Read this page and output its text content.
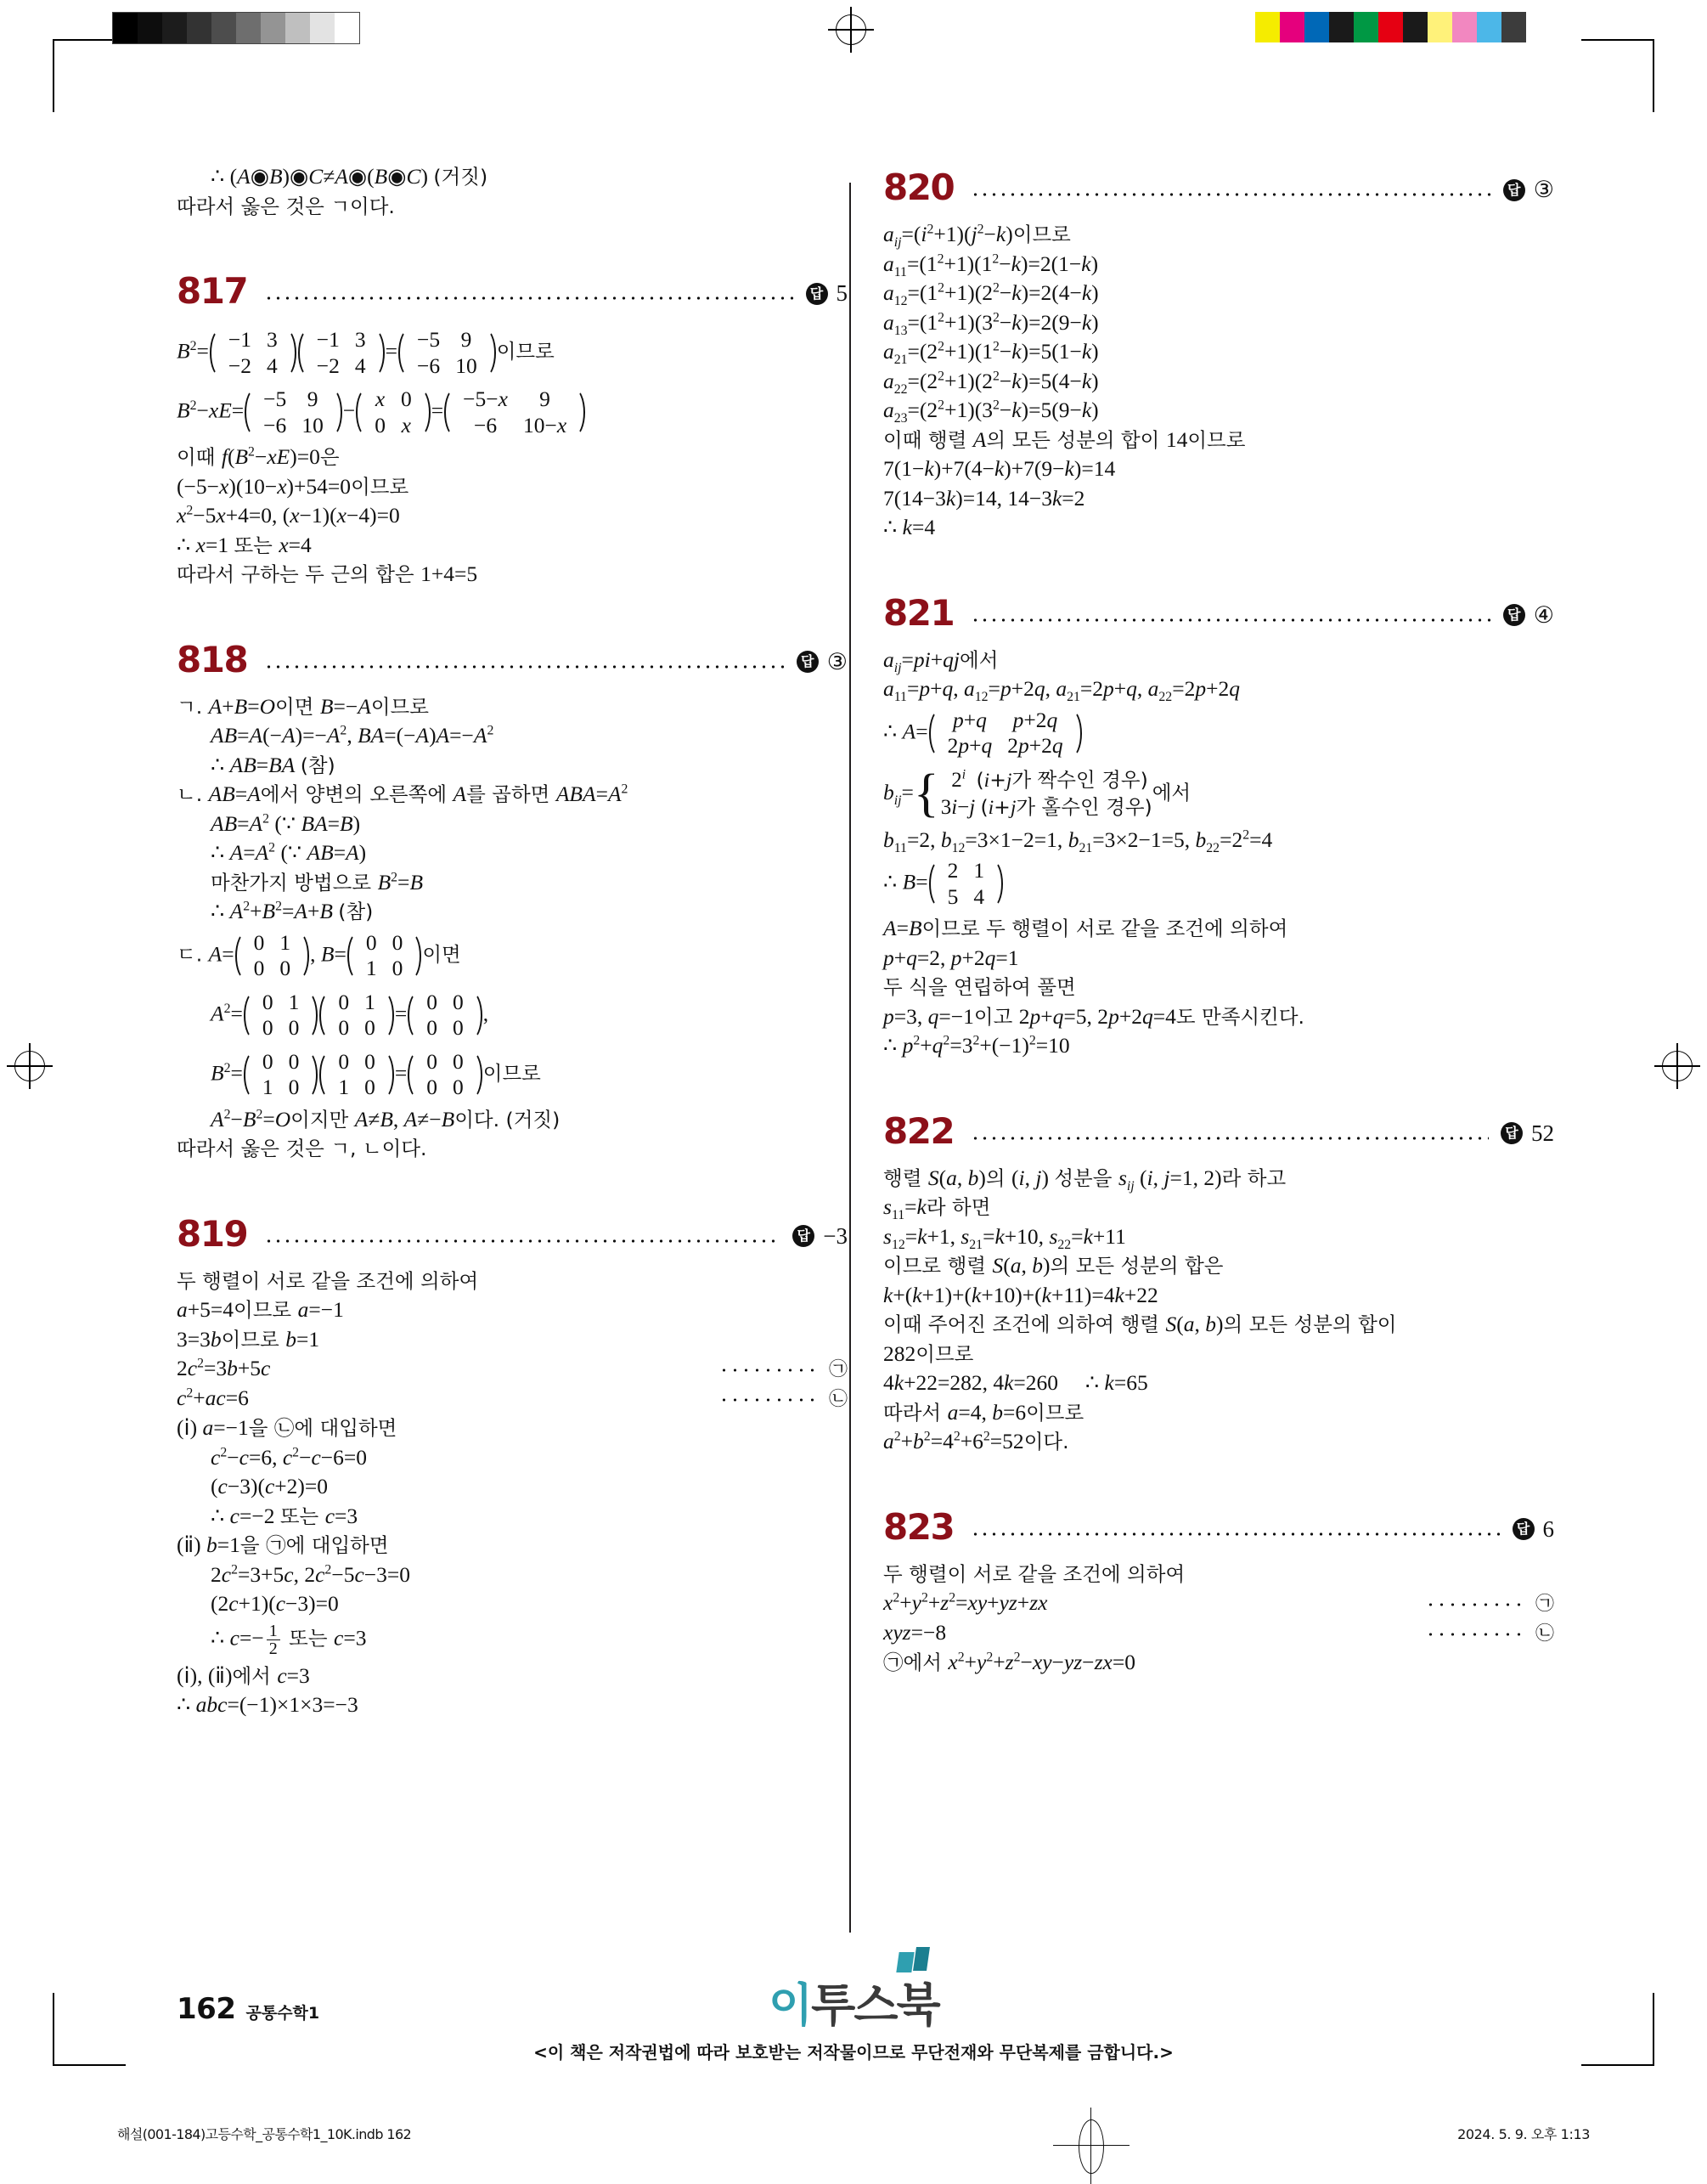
∴ (A◉B)◉C≠A◉(B◉C) (거짓)
따라서 옳은 것은 ㄱ이다.
817	답 5
$B^2= -1$	3
−2	4
−1	3
−2	4
= −5	9
−6	10
이므로
$B^2-xE= -5$	9
−6	10
− x	0
0	x
= −5−x	9
−6	10−x
이때 $f(B^2-xE)=0$은
(−5−x)(10−x)+54=0이므로
$x^2-5x+4=0$, (x−1)(x−4)=0
∴ x=1 또는 x=4
따라서 구하는 두 근의 합은 1+4=5
818	답 ③
ㄱ. A+B=O이면 B=−A이므로
$AB=A(-A)=-A^2$, $BA=(-A)A=-A^2$
∴ AB=BA (참)
ㄴ. AB=A에서 양변의 오른쪽에 A를 곱하면 $ABA=A^2$
$AB=A^2$ (∵ BA=B)
∴ $A=A^2$ (∵ AB=A)
마찬가지 방법으로 $B^2=B$
∴ $A^2+B^2=A+B$ (참)
ㄷ. A= 0	1
0	0
, B= 0	0
1	0
이면
$A^2= 0$	1
0	0
0	1
0	0
= 0	0
0	0
,
$B^2= 0$	0
1	0
0	0
1	0
= 0	0
0	0
이므로
$A^2-B^2=O$이지만 A≠B, A≠−B이다. (거짓)
따라서 옳은 것은 ㄱ, ㄴ이다.
819	답 −3
두 행렬이 서로 같을 조건에 의하여
a+5=4이므로 a=−1
3=3b이므로 b=1
$2c^2=3b+5c$	㉠
$c^2+ac=6$	㉡
(ⅰ) a=−1을 ㉡에 대입하면
$c^2-c=6$, $c^2-c-6=0$
(c−3)(c+2)=0
∴ c=−2 또는 c=3
(ⅱ) b=1을 ㉠에 대입하면
$2c^2=3+5c$, $2c^2-5c-3=0$
(2c+1)(c−3)=0
∴ $c=- \frac{1}{2}$ 또는 c=3
(ⅰ), (ⅱ)에서 c=3
∴ abc=(−1)×1×3=−3
820	답 ③
$a_{ij}=(i^2+1)(j^2-k)$이므로
$a_{11}=(1^2+1)(1^2-k)=2(1-k)$
$a_{12}=(1^2+1)(2^2-k)=2(4-k)$
$a_{13}=(1^2+1)(3^2-k)=2(9-k)$
$a_{21}=(2^2+1)(1^2-k)=5(1-k)$
$a_{22}=(2^2+1)(2^2-k)=5(4-k)$
$a_{23}=(2^2+1)(3^2-k)=5(9-k)$
이때 행렬 A의 모든 성분의 합이 14이므로
7(1−k)+7(4−k)+7(9−k)=14
7(14−3k)=14, 14−3k=2
∴ k=4
821	답 ④
$a_{ij}=pi+qj$에서
$a_{11}=p+q$, $a_{12}=p+2q$, $a_{21}=2p+q$, $a_{22}=2p+2q$
∴ A= p+q	p+2q
2p+q	2p+2q
$b_{ij}=$ { 2$^i$ (i+j가 짝수인 경우)
3i−j (i+j가 홀수인 경우)
에서
$b_{11}=2$, $b_{12}=3\times 1-2=1$, $b_{21}=3\times 2-1=5$, $b_{22}=2^2=4$
∴ B= 2	1
5	4
A=B이므로 두 행렬이 서로 같을 조건에 의하여
p+q=2, p+2q=1
두 식을 연립하여 풀면
p=3, q=−1이고 2p+q=5, 2p+2q=4도 만족시킨다.
∴ $p^2+q^2=3^2+(-1)^2=10$
822	답 52
행렬 S(a, b)의 (i, j) 성분을 $s_{ij}$ (i, j=1, 2)라 하고
$s_{11}=k$라 하면
$s_{12}=k+1$, $s_{21}=k+10$, $s_{22}=k+11$
이므로 행렬 S(a, b)의 모든 성분의 합은
k+(k+1)+(k+10)+(k+11)=4k+22
이때 주어진 조건에 의하여 행렬 S(a, b)의 모든 성분의 합이
282이므로
4k+22=282, 4k=260     ∴ k=65
따라서 a=4, b=6이므로
$a^2+b^2=4^2+6^2=52$이다.
823	답 6
두 행렬이 서로 같을 조건에 의하여
$x^2+y^2+z^2=xy+yz+zx$	㉠
xyz=−8	㉡
㉠에서 $x^2+y^2+z^2-xy-yz-zx=0$
162 공통수학1	이투스북
<이 책은 저작권법에 따라 보호받는 저작물이므로 무단전재와 무단복제를 금합니다.>
해설(001-184)고등수학_공통수학1_10K.indb 162	2024. 5. 9. 오후 1:13
